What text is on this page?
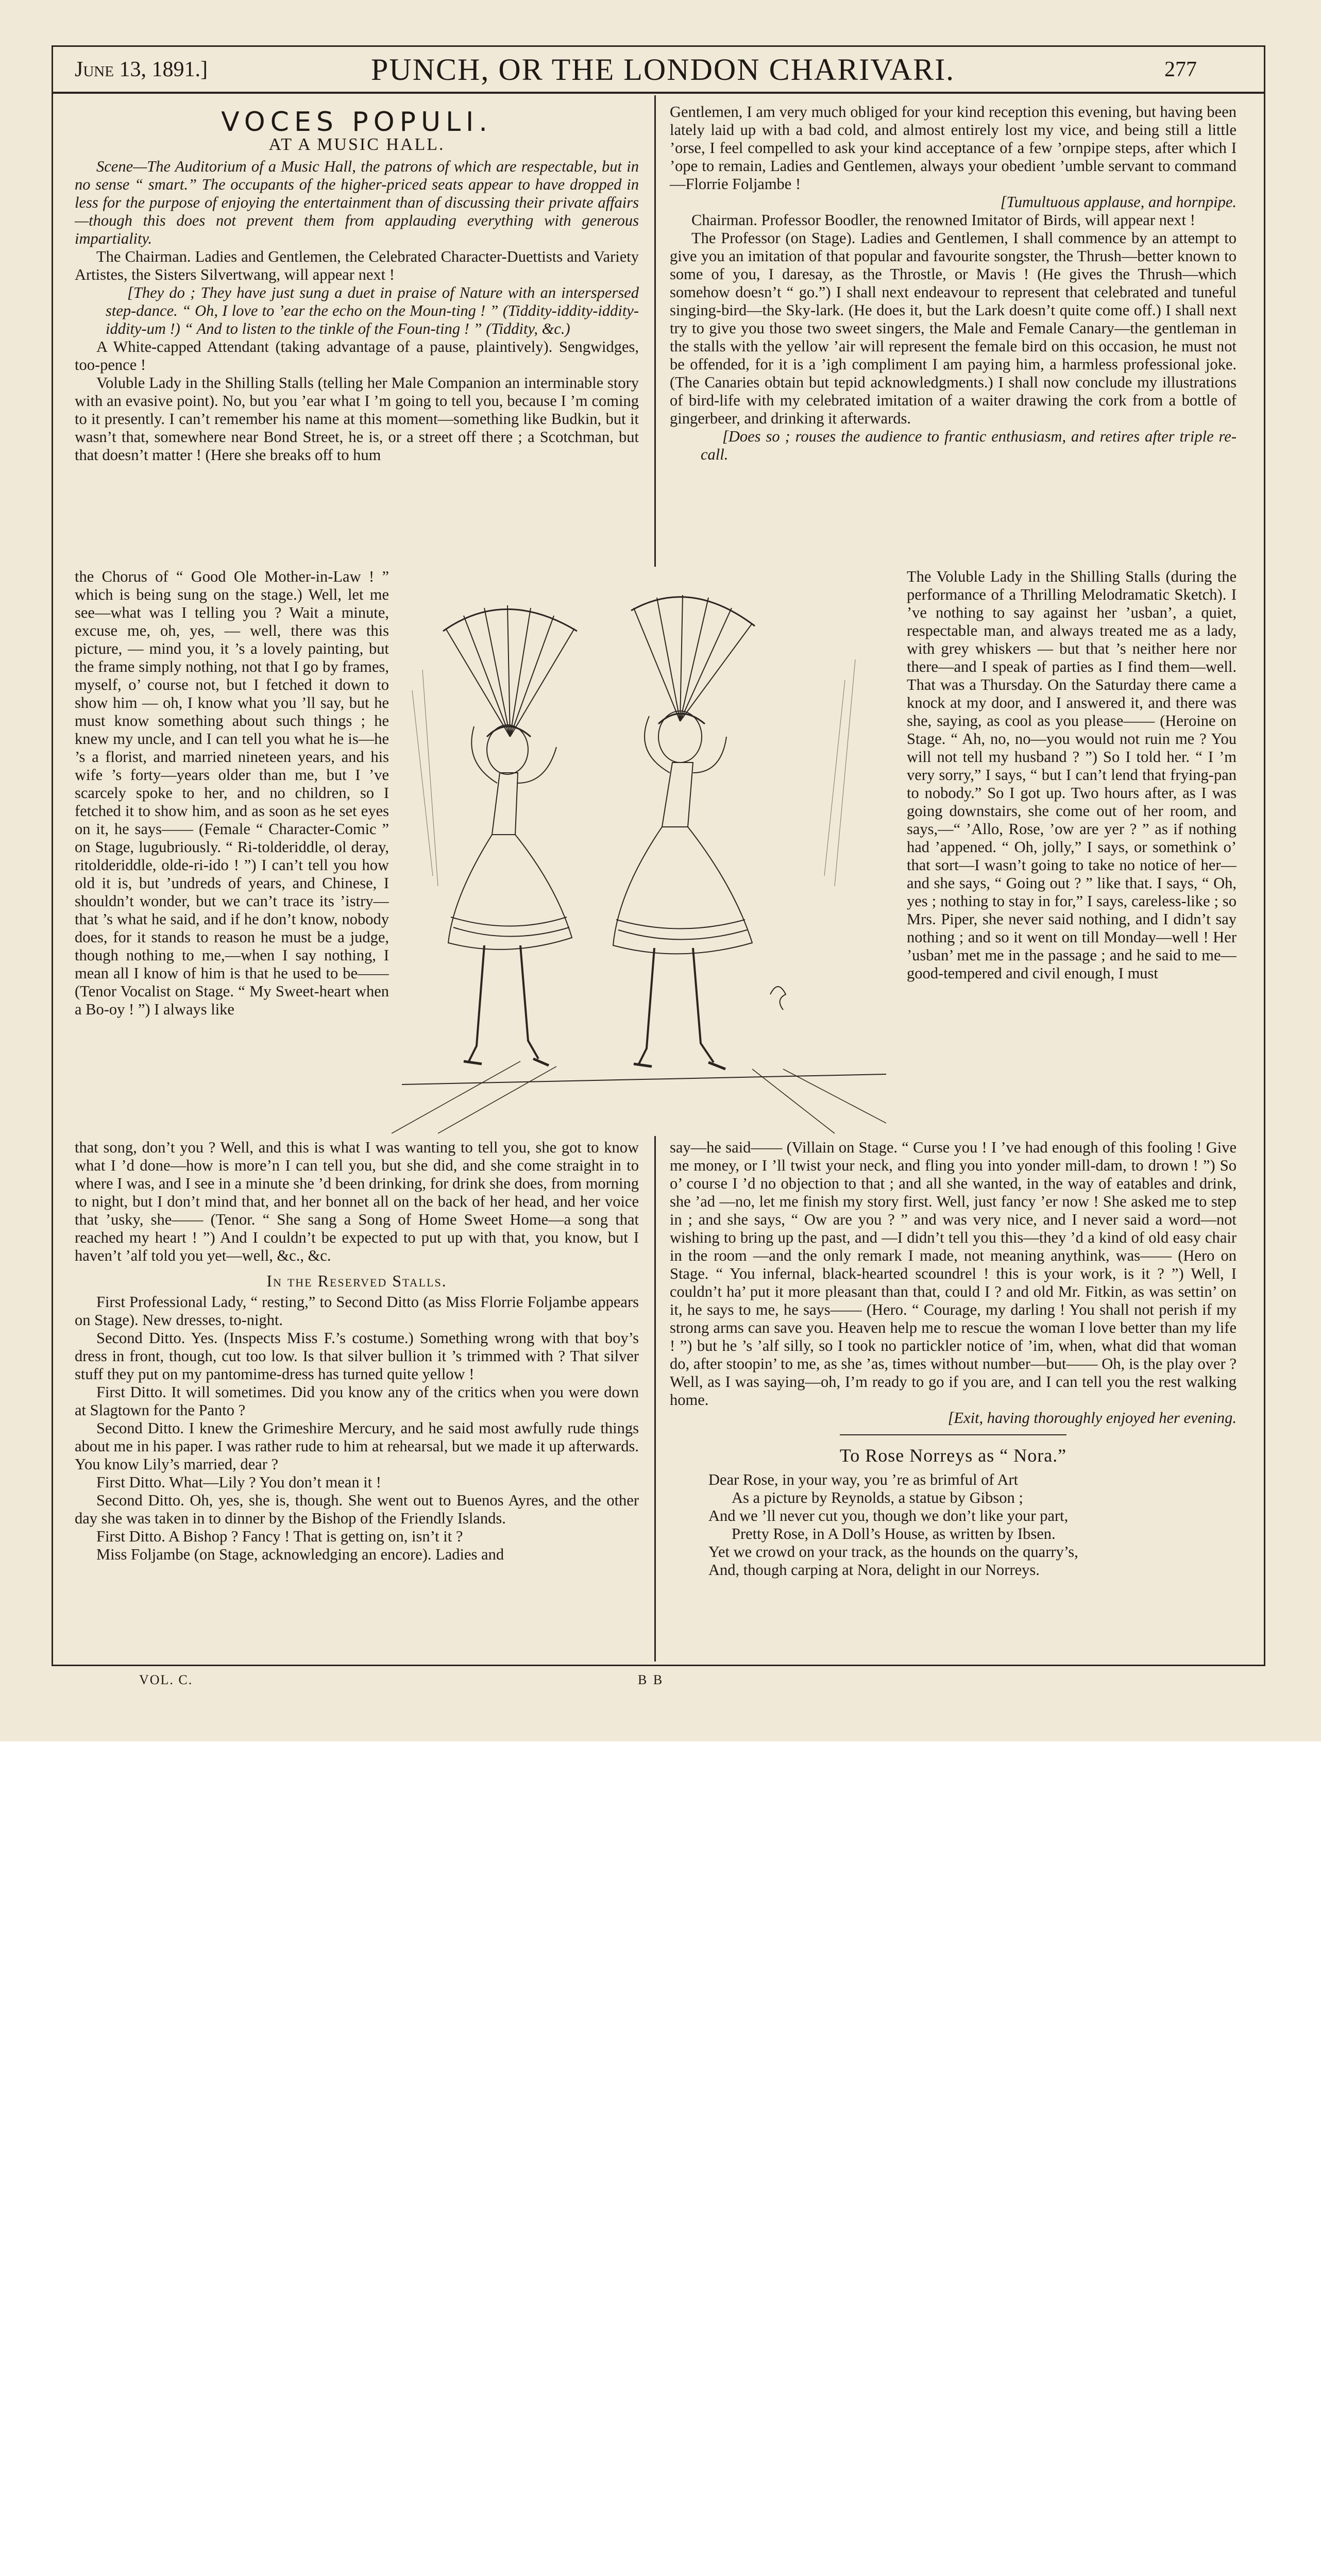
June 13, 1891.]	PUNCH, OR THE LONDON CHARIVARI.	277

VOCES POPULI.

AT A MUSIC HALL.

Scene—The Auditorium of a Music Hall, the patrons of which are respectable, but in no sense “ smart.” The occupants of the higher-priced seats appear to have dropped in less for the purpose of enjoying the entertainment than of discussing their private affairs—though this does not prevent them from applauding everything with generous impartiality.

The Chairman. Ladies and Gentlemen, the Celebrated Character-Duettists and Variety Artistes, the Sisters Silvertwang, will appear next !

[They do ; They have just sung a duet in praise of Nature with an interspersed step-dance. “ Oh, I love to ’ear the echo on the Moun-ting ! ” (Tiddity-iddity-iddity-iddity-um !) “ And to listen to the tinkle of the Foun-ting ! ” (Tiddity, &c.)

A White-capped Attendant (taking advantage of a pause, plaintively). Sengwidges, too-pence !

Voluble Lady in the Shilling Stalls (telling her Male Companion an interminable story with an evasive point). No, but you ’ear what I ’m going to tell you, because I ’m coming to it presently. I can’t remember his name at this moment—something like Budkin, but it wasn’t that, somewhere near Bond Street, he is, or a street off there ; a Scotchman, but that doesn’t matter ! (Here she breaks off to hum

the Chorus of “ Good Ole Mother-in-Law ! ” which is being sung on the stage.) Well, let me see—what was I telling you ? Wait a minute, excuse me, oh, yes, — well, there was this picture, — mind you, it ’s a lovely painting, but the frame simply nothing, not that I go by frames, myself, o’ course not, but I fetched it down to show him — oh, I know what you ’ll say, but he must know something about such things ; he knew my uncle, and I can tell you what he is—he ’s a florist, and married nineteen years, and his wife ’s forty—years older than me, but I ’ve scarcely spoke to her, and no children, so I fetched it to show him, and as soon as he set eyes on it, he says—— (Female “ Character-Comic ” on Stage, lugubriously. “ Ri-tolderiddle, ol deray, ritolderiddle, olde-ri-ido ! ”) I can’t tell you how old it is, but ’undreds of years, and Chinese, I shouldn’t wonder, but we can’t trace its ’istry—that ’s what he said, and if he don’t know, nobody does, for it stands to reason he must be a judge, though nothing to me,—when I say nothing, I mean all I know of him is that he used to be—— (Tenor Vocalist on Stage. “ My Sweet-heart when a Bo-oy ! ”) I always like

that song, don’t you ? Well, and this is what I was wanting to tell you, she got to know what I ’d done—how is more’n I can tell you, but she did, and she come straight in to where I was, and I see in a minute she ’d been drinking, for drink she does, from morning to night, but I don’t mind that, and her bonnet all on the back of her head, and her voice that ’usky, she—— (Tenor. “ She sang a Song of Home Sweet Home—a song that reached my heart ! ”) And I couldn’t be expected to put up with that, you know, but I haven’t ’alf told you yet—well, &c., &c.

In the Reserved Stalls.

First Professional Lady, “ resting,” to Second Ditto (as Miss Florrie Foljambe appears on Stage). New dresses, to-night.

Second Ditto. Yes. (Inspects Miss F.’s costume.) Something wrong with that boy’s dress in front, though, cut too low. Is that silver bullion it ’s trimmed with ? That silver stuff they put on my pantomime-dress has turned quite yellow !

First Ditto. It will sometimes. Did you know any of the critics when you were down at Slagtown for the Panto ?

Second Ditto. I knew the Grimeshire Mercury, and he said most awfully rude things about me in his paper. I was rather rude to him at rehearsal, but we made it up afterwards. You know Lily’s married, dear ?

First Ditto. What—Lily ? You don’t mean it !

Second Ditto. Oh, yes, she is, though. She went out to Buenos Ayres, and the other day she was taken in to dinner by the Bishop of the Friendly Islands.

First Ditto. A Bishop ? Fancy ! That is getting on, isn’t it ?

Miss Foljambe (on Stage, acknowledging an encore). Ladies and

Gentlemen, I am very much obliged for your kind reception this evening, but having been lately laid up with a bad cold, and almost entirely lost my vice, and being still a little ’orse, I feel compelled to ask your kind acceptance of a few ’ornpipe steps, after which I ’ope to remain, Ladies and Gentlemen, always your obedient ’umble servant to command—Florrie Foljambe !

[Tumultuous applause, and hornpipe.

Chairman. Professor Boodler, the renowned Imitator of Birds, will appear next !

The Professor (on Stage). Ladies and Gentlemen, I shall commence by an attempt to give you an imitation of that popular and favourite songster, the Thrush—better known to some of you, I daresay, as the Throstle, or Mavis ! (He gives the Thrush—which somehow doesn’t “ go.”) I shall next endeavour to represent that celebrated and tuneful singing-bird—the Sky-lark. (He does it, but the Lark doesn’t quite come off.) I shall next try to give you those two sweet singers, the Male and Female Canary—the gentleman in the stalls with the yellow ’air will represent the female bird on this occasion, he must not be offended, for it is a ’igh compliment I am paying him, a harmless professional joke. (The Canaries obtain but tepid acknowledgments.) I shall now conclude my illustrations of bird-life with my celebrated imitation of a waiter drawing the cork from a bottle of gingerbeer, and drinking it afterwards.

[Does so ; rouses the audience to frantic enthusiasm, and retires after triple re-call.

The Voluble Lady in the Shilling Stalls (during the performance of a Thrilling Melodramatic Sketch). I ’ve nothing to say against her ’usban’, a quiet, respectable man, and always treated me as a lady, with grey whiskers — but that ’s neither here nor there—and I speak of parties as I find them—well. That was a Thursday. On the Saturday there came a knock at my door, and I answered it, and there was she, saying, as cool as you please—— (Heroine on Stage. “ Ah, no, no—you would not ruin me ? You will not tell my husband ? ”) So I told her. “ I ’m very sorry,” I says, “ but I can’t lend that frying-pan to nobody.” So I got up. Two hours after, as I was going downstairs, she come out of her room, and says,—“ ’Allo, Rose, ’ow are yer ? ” as if nothing had ’appened. “ Oh, jolly,” I says, or somethink o’ that sort—I wasn’t going to take no notice of her—and she says, “ Going out ? ” like that. I says, “ Oh, yes ; nothing to stay in for,” I says, careless-like ; so Mrs. Piper, she never said nothing, and I didn’t say nothing ; and so it went on till Monday—well ! Her ’usban’ met me in the passage ; and he said to me—good-tempered and civil enough, I must

say—he said—— (Villain on Stage. “ Curse you ! I ’ve had enough of this fooling ! Give me money, or I ’ll twist your neck, and fling you into yonder mill-dam, to drown ! ”) So o’ course I ’d no objection to that ; and all she wanted, in the way of eatables and drink, she ’ad —no, let me finish my story first. Well, just fancy ’er now ! She asked me to step in ; and she says, “ Ow are you ? ” and was very nice, and I never said a word—not wishing to bring up the past, and —I didn’t tell you this—they ’d a kind of old easy chair in the room —and the only remark I made, not meaning anythink, was—— (Hero on Stage. “ You infernal, black-hearted scoundrel ! this is your work, is it ? ”) Well, I couldn’t ha’ put it more pleasant than that, could I ? and old Mr. Fitkin, as was settin’ on it, he says to me, he says—— (Hero. “ Courage, my darling ! You shall not perish if my strong arms can save you. Heaven help me to rescue the woman I love better than my life ! ”) but he ’s ’alf silly, so I took no partickler notice of ’im, when, what did that woman do, after stoopin’ to me, as she ’as, times without number—but—— Oh, is the play over ? Well, as I was saying—oh, I’m ready to go if you are, and I can tell you the rest walking home.

[Exit, having thoroughly enjoyed her evening.

To Rose Norreys as “ Nora.”

Dear Rose, in your way, you ’re as brimful of Art

As a picture by Reynolds, a statue by Gibson ;

And we ’ll never cut you, though we don’t like your part,

Pretty Rose, in A Doll’s House, as written by Ibsen.

Yet we crowd on your track, as the hounds on the quarry’s,

And, though carping at Nora, delight in our Norreys.

VOL. C.	B B
